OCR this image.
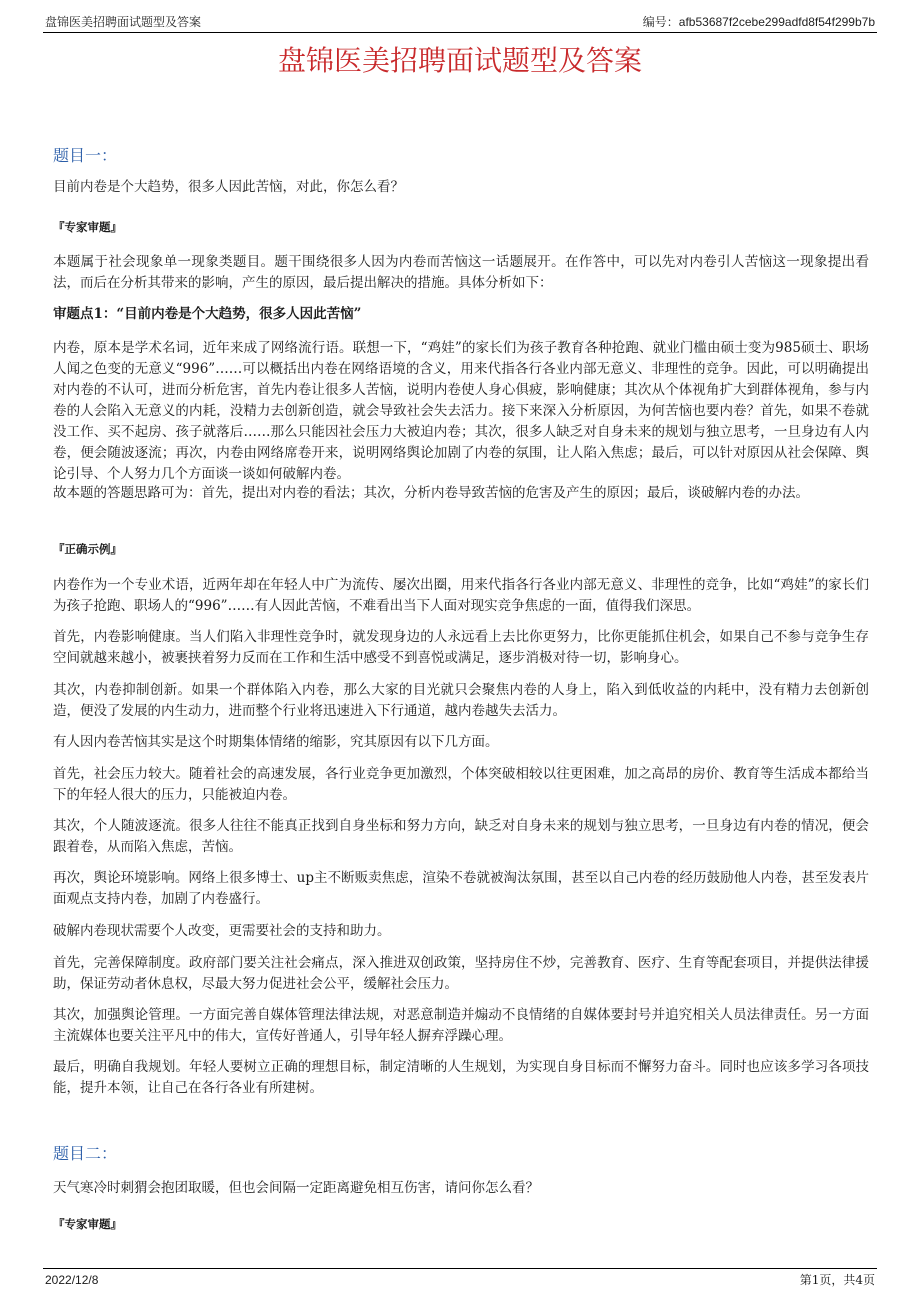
盘锦医美招聘面试题型及答案	编号：afb53687f2cebe299adfd8f54f299b7b
盘锦医美招聘面试题型及答案
题目一：
目前内卷是个大趋势，很多人因此苦恼，对此，你怎么看？
『专家审题』
本题属于社会现象单一现象类题目。题干围绕很多人因为内卷而苦恼这一话题展开。在作答中，可以先对内卷引人苦恼这一现象提出看法，而后在分析其带来的影响，产生的原因，最后提出解决的措施。具体分析如下：
审题点1：“目前内卷是个大趋势，很多人因此苦恼”
内卷，原本是学术名词，近年来成了网络流行语。联想一下，“鸡娃”的家长们为孩子教育各种抢跑、就业门槛由硕士变为985硕士、职场人闻之色变的无意义“996”……可以概括出内卷在网络语境的含义，用来代指各行各业内部无意义、非理性的竞争。因此，可以明确提出对内卷的不认可，进而分析危害，首先内卷让很多人苦恼，说明内卷使人身心俱疲，影响健康；其次从个体视角扩大到群体视角，参与内卷的人会陷入无意义的内耗，没精力去创新创造，就会导致社会失去活力。接下来深入分析原因，为何苦恼也要内卷？首先，如果不卷就没工作、买不起房、孩子就落后……那么只能因社会压力大被迫内卷；其次，很多人缺乏对自身未来的规划与独立思考，一旦身边有人内卷，便会随波逐流；再次，内卷由网络席卷开来，说明网络舆论加剧了内卷的氛围，让人陷入焦虑；最后，可以针对原因从社会保障、舆论引导、个人努力几个方面谈一谈如何破解内卷。
故本题的答题思路可为：首先，提出对内卷的看法；其次，分析内卷导致苦恼的危害及产生的原因；最后，谈破解内卷的办法。
『正确示例』
内卷作为一个专业术语，近两年却在年轻人中广为流传、屡次出圈，用来代指各行各业内部无意义、非理性的竞争，比如“鸡娃”的家长们为孩子抢跑、职场人的“996”……有人因此苦恼，不难看出当下人面对现实竞争焦虑的一面，值得我们深思。
首先，内卷影响健康。当人们陷入非理性竞争时，就发现身边的人永远看上去比你更努力，比你更能抓住机会，如果自己不参与竞争生存空间就越来越小，被裹挟着努力反而在工作和生活中感受不到喜悦或满足，逐步消极对待一切，影响身心。
其次，内卷抑制创新。如果一个群体陷入内卷，那么大家的目光就只会聚焦内卷的人身上，陷入到低收益的内耗中，没有精力去创新创造，便没了发展的内生动力，进而整个行业将迅速进入下行通道，越内卷越失去活力。
有人因内卷苦恼其实是这个时期集体情绪的缩影，究其原因有以下几方面。
首先，社会压力较大。随着社会的高速发展，各行业竞争更加激烈，个体突破相较以往更困难，加之高昂的房价、教育等生活成本都给当下的年轻人很大的压力，只能被迫内卷。
其次，个人随波逐流。很多人往往不能真正找到自身坐标和努力方向，缺乏对自身未来的规划与独立思考，一旦身边有内卷的情况，便会跟着卷，从而陷入焦虑，苦恼。
再次，舆论环境影响。网络上很多博士、up主不断贩卖焦虑，渲染不卷就被淘汰氛围，甚至以自己内卷的经历鼓励他人内卷，甚至发表片面观点支持内卷，加剧了内卷盛行。
破解内卷现状需要个人改变，更需要社会的支持和助力。
首先，完善保障制度。政府部门要关注社会痛点，深入推进双创政策，坚持房住不炒，完善教育、医疗、生育等配套项目，并提供法律援助，保证劳动者休息权，尽最大努力促进社会公平，缓解社会压力。
其次，加强舆论管理。一方面完善自媒体管理法律法规，对恶意制造并煽动不良情绪的自媒体要封号并追究相关人员法律责任。另一方面主流媒体也要关注平凡中的伟大，宣传好普通人，引导年轻人摒弃浮躁心理。
最后，明确自我规划。年轻人要树立正确的理想目标，制定清晰的人生规划，为实现自身目标而不懈努力奋斗。同时也应该多学习各项技能，提升本领，让自己在各行各业有所建树。
题目二：
天气寒冷时刺猬会抱团取暖，但也会间隔一定距离避免相互伤害，请问你怎么看？
『专家审题』
2022/12/8	第1页，共4页
